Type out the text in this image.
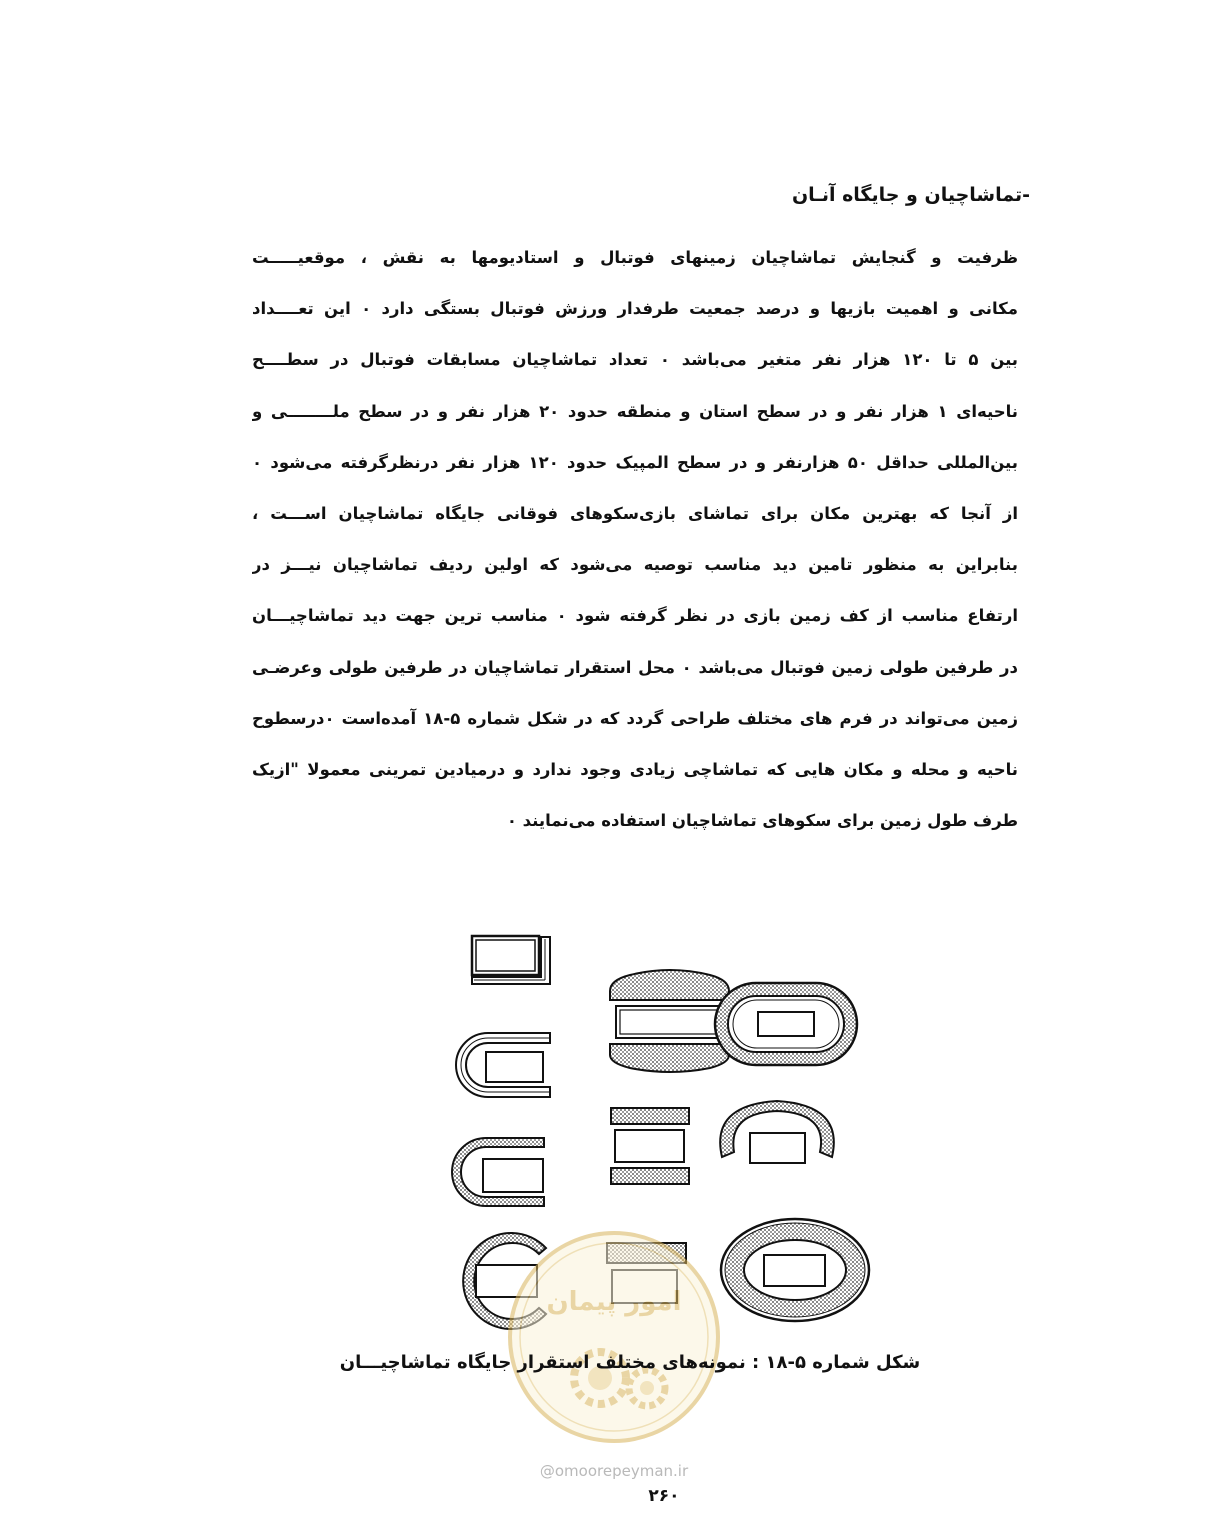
-تماشاچیان و جایگاه آنـان
ظرفیت و گنجایش تماشاچیان زمینهای فوتبال و استادیومها به نقش ، موقعیـــــت
مکانی و اهمیت بازیها و درصد جمعیت طرفدار ورزش فوتبال بستگی دارد ٠ این تعــــداد
بین ۵ تا ۱۲۰ هزار نفر متغیر می‌باشد ٠ تعداد تماشاچیان مسابقات فوتبال در سطــــح
ناحیه‌ای ۱ هزار نفر و در سطح استان و منطقه حدود ۲۰ هزار نفر و در سطح ملــــــــی و
بین‌المللی حداقل ۵۰ هزارنفر و در سطح المپیک حدود ۱۲۰ هزار نفر درنظرگرفته می‌شود ٠
از آنجا که بهترین مکان برای تماشای بازی‌سکوهای فوقانی جایگاه تماشاچیان اســـت ،
بنابراین به منظور تامین دید مناسب توصیه می‌شود که اولین ردیف تماشاچیان نیـــز در
ارتفاع مناسب از کف زمین بازی در نظر گرفته شود ٠ مناسب ترین جهت دید تماشاچیـــان
در طرفین طولی زمین فوتبال می‌باشد ٠ محل استقرار تماشاچیان در طرفین طولی وعرضـی
زمین می‌تواند در فرم های مختلف طراحی گردد که در شکل شماره ۵-۱۸ آمده‌است ٠درسطوح
ناحیه و محله و مکان هایی که تماشاچی زیادی وجود ندارد و درمیادین تمرینی معمولا "ازیک
طرف طول زمین برای سکوهای تماشاچیان استفاده می‌نمایند ٠
امور پیمان
شکل شماره ۵-۱۸ : نمونه‌های مختلف استقرار جایگاه تماشاچیـــان
@omoorepeyman.ir
۲۶۰
